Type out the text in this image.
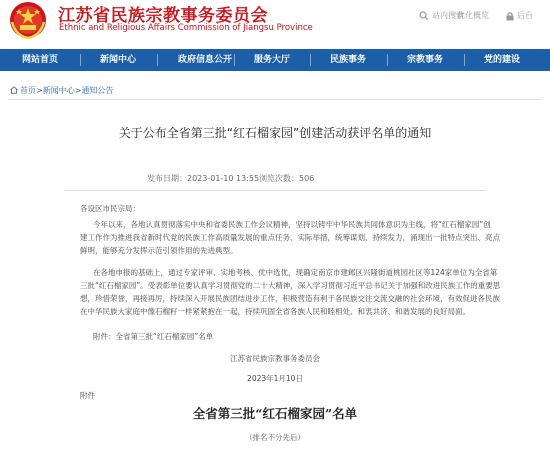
江苏省民族宗教事务委员会
Ethnic and Religious Affairs Commission of Jiangsu Province
站内搜索
优化概览	后台
网站首页	新闻中心	政府信息公开	服务大厅	民族事务	宗教事务	党的建设
首页>新闻中心>通知公告
关于公布全省第三批“红石榴家园”创建活动获评名单的通知
发布日期：2023-01-10 13:55 浏览次数：506
各设区市民宗局：
今年以来，各地认真贯彻落实中央和省委民族工作会议精神，坚持以铸牢中华民族共同体意识为主线，将“红石榴家园”创
建工作作为推进我省新时代党的民族工作高质量发展的重点任务、实际举措，统筹谋划、持续发力，涌现出一批特点突出、亮点
鲜明，能够充分发挥示范引领作用的先进典型。
在各地申报的基础上，通过专家评审、实地考核、优中选优，现确定南京市建邺区兴隆街道桃园社区等124家单位为全省第
三批“红石榴家园”。受表彰单位要认真学习贯彻党的二十大精神，深入学习贯彻习近平总书记关于加强和改进民族工作的重要思
想，珍惜荣誉，再接再厉，持续深入开展民族团结进步工作，积极营造有利于各民族交往交流交融的社会环境，有效促进各民族
在中华民族大家庭中像石榴籽一样紧紧抱在一起，持续巩固全省各族人民和睦相处、和衷共济、和谐发展的良好局面。
附件：全省第三批“红石榴家园”名单
江苏省民族宗教事务委员会
2023年1月10日
附件
全省第三批“红石榴家园”名单
（排名不分先后）
